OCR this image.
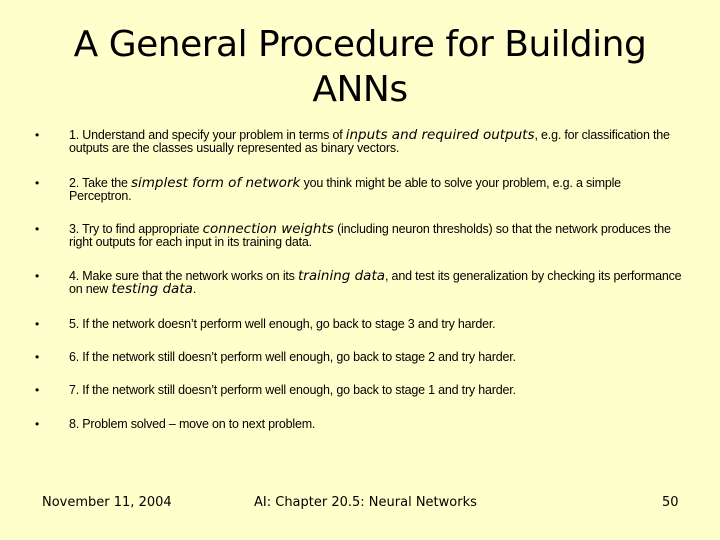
A General Procedure for Building
ANNs
•	1. Understand and specify your problem in terms of inputs and required outputs, e.g. for classification the outputs are the classes usually represented as binary vectors.
•	2. Take the simplest form of network you think might be able to solve your problem, e.g. a simple Perceptron.
•	3. Try to find appropriate connection weights (including neuron thresholds) so that the network produces the right outputs for each input in its training data.
•	4. Make sure that the network works on its training data, and test its generalization by checking its performance on new testing data.
•	5. If the network doesn’t perform well enough, go back to stage 3 and try harder.
•	6. If the network still doesn’t perform well enough, go back to stage 2 and try harder.
•	7. If the network still doesn’t perform well enough, go back to stage 1 and try harder.
•	8. Problem solved – move on to next problem.
November 11, 2004	AI: Chapter 20.5: Neural Networks	50
